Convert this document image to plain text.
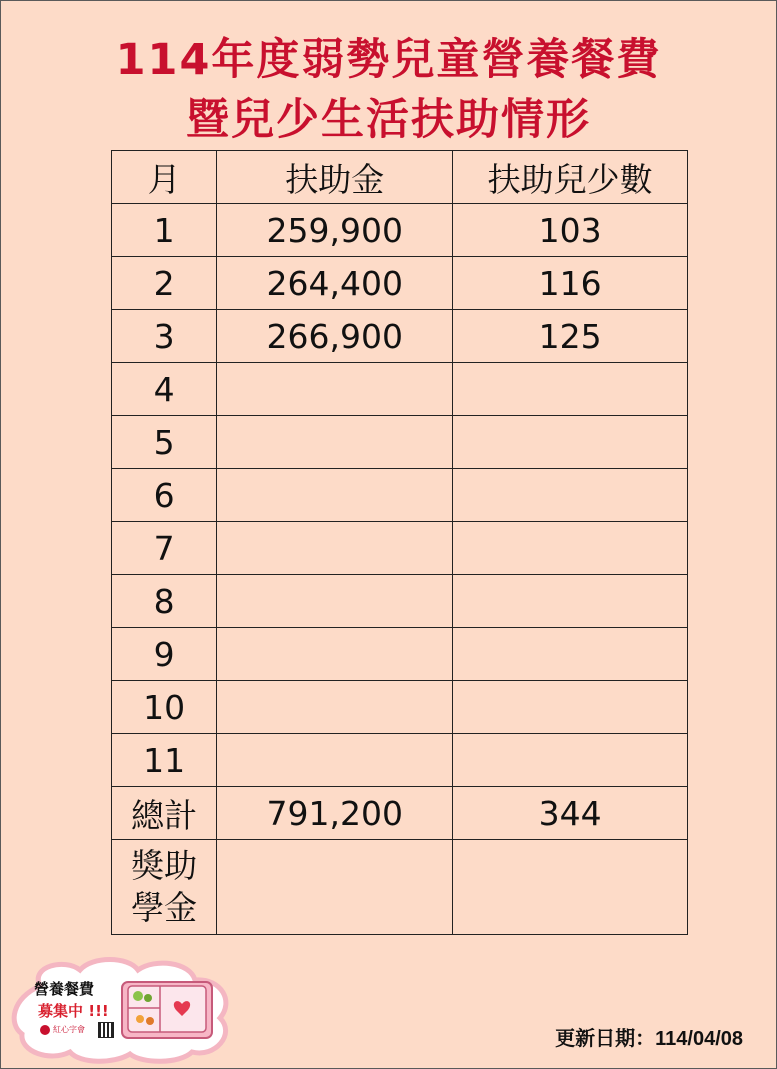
114年度弱勢兒童營養餐費
暨兒少生活扶助情形
月	扶助金	扶助兒少數
1	259,900	103
2	264,400	116
3	266,900	125
4		
5		
6		
7		
8		
9		
10		
11		
總計	791,200	344

獎助
學金		

營養餐費
募集中 !!!
紅心字會	更新日期：114/04/08
